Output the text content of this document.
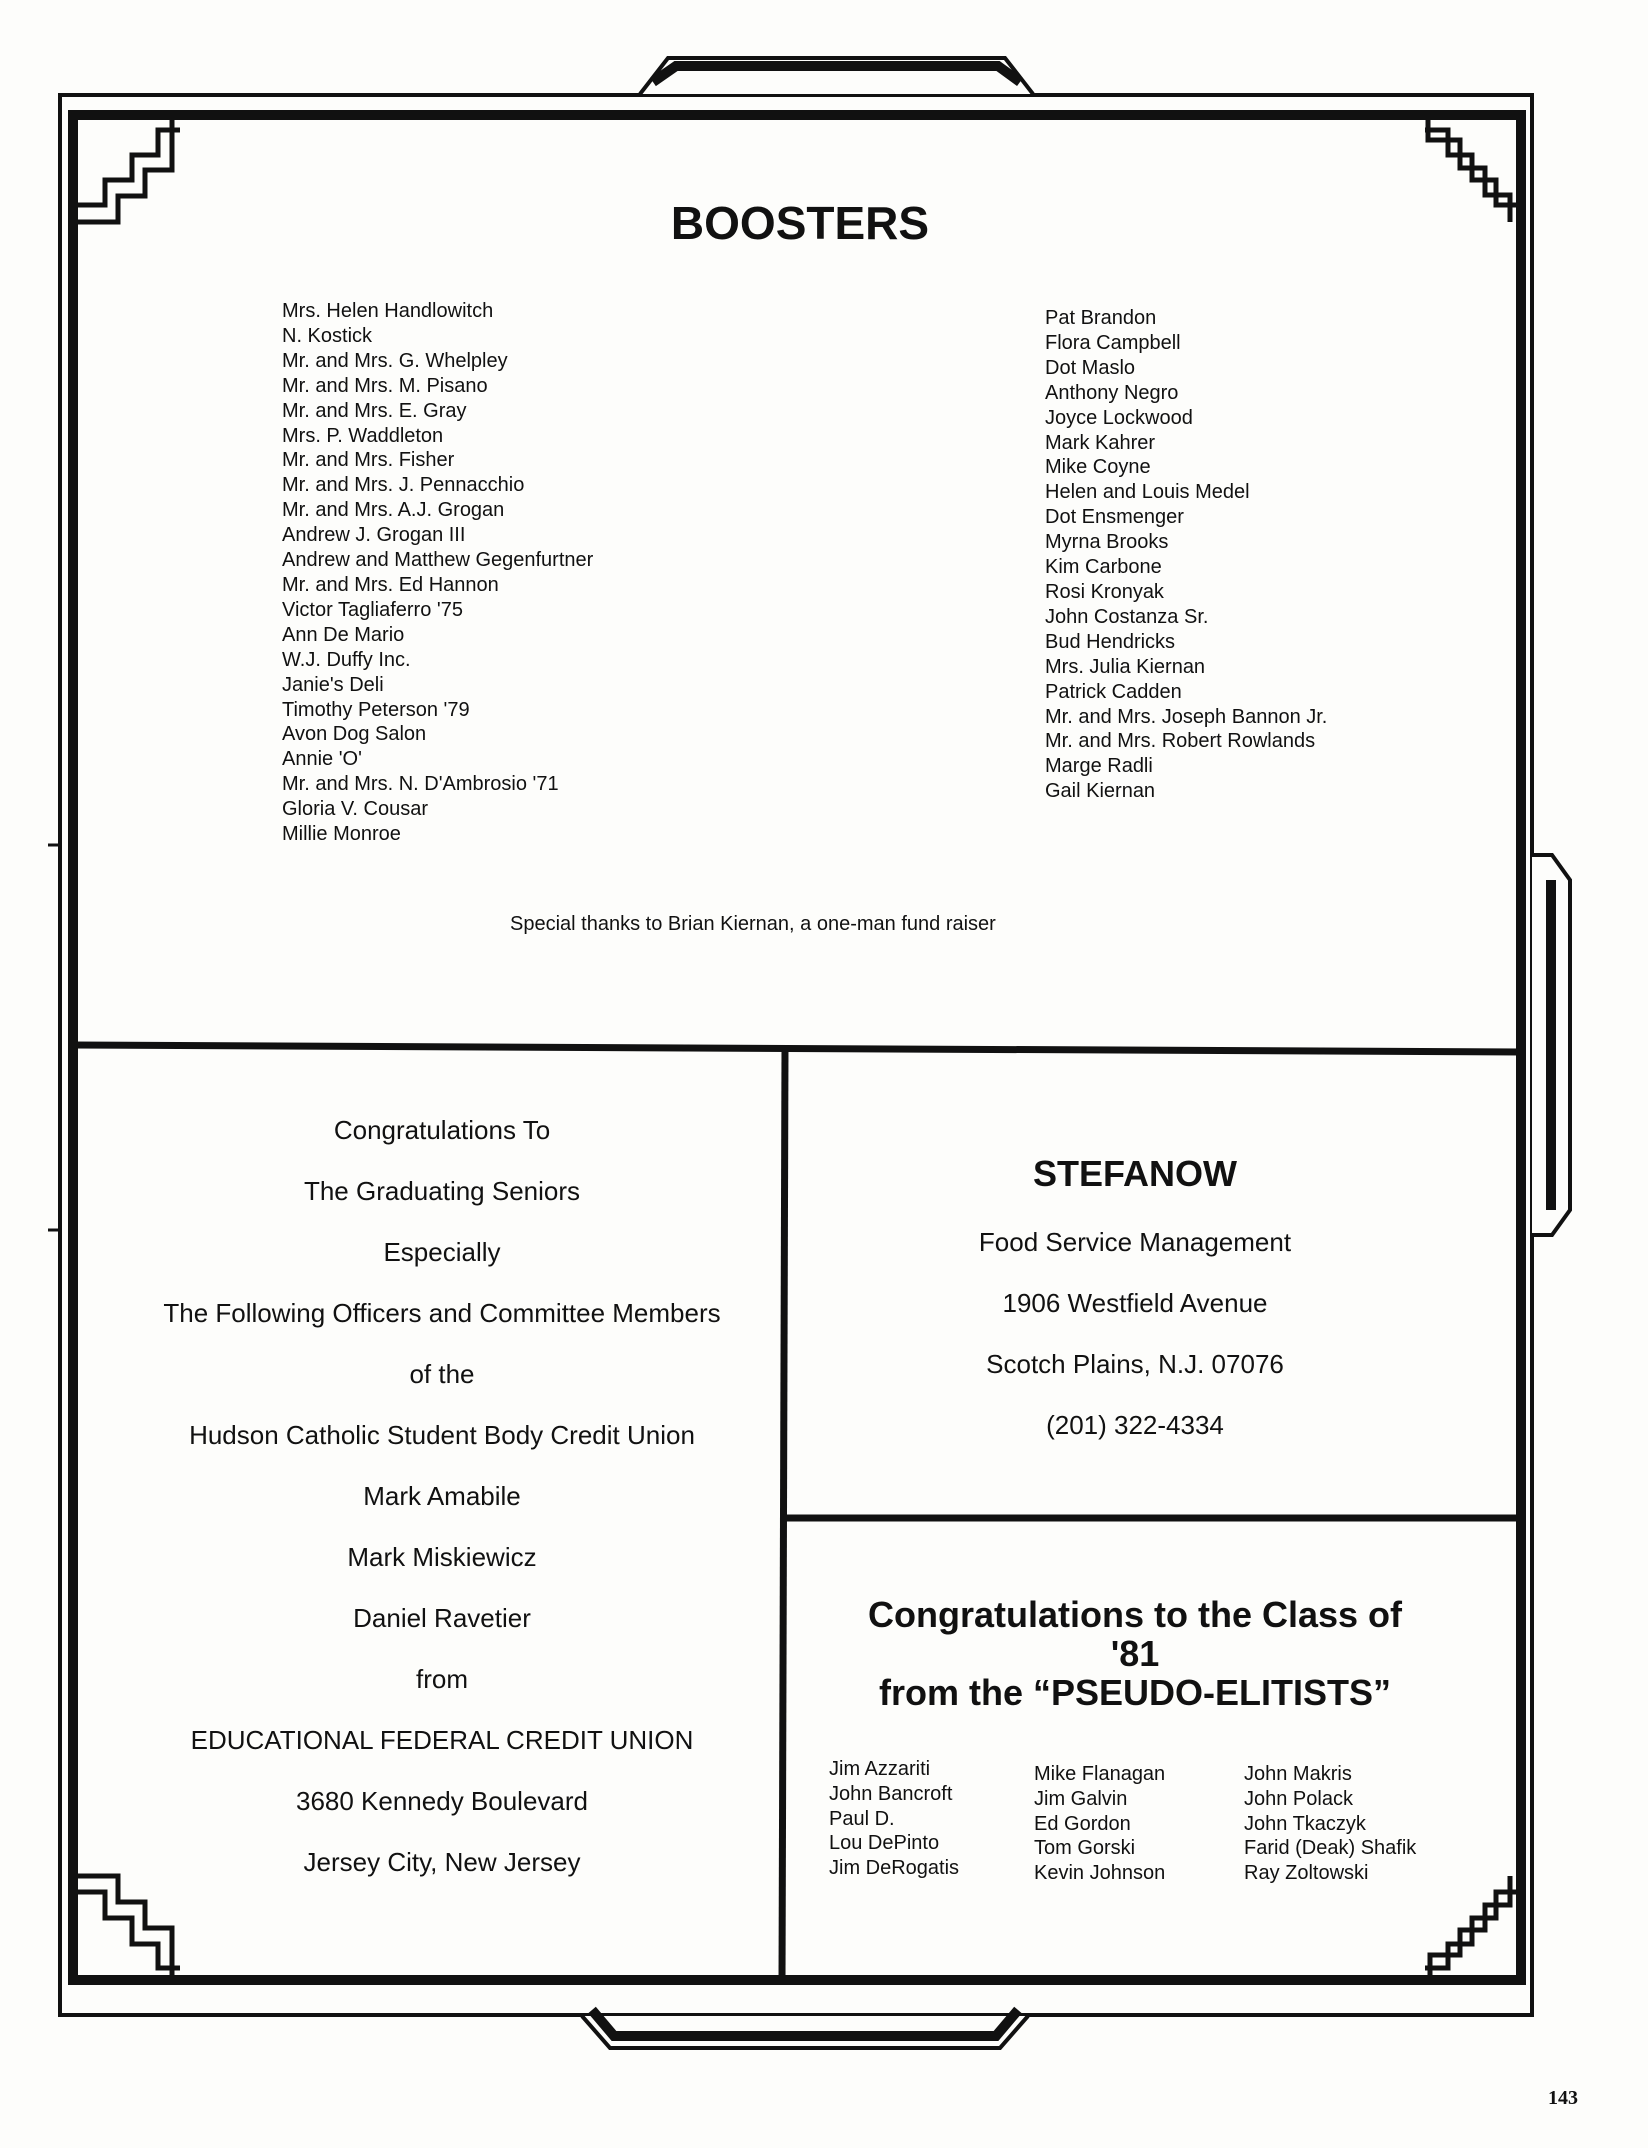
BOOSTERS
Mrs. Helen Handlowitch
N. Kostick
Mr. and Mrs. G. Whelpley
Mr. and Mrs. M. Pisano
Mr. and Mrs. E. Gray
Mrs. P. Waddleton
Mr. and Mrs. Fisher
Mr. and Mrs. J. Pennacchio
Mr. and Mrs. A.J. Grogan
Andrew J. Grogan III
Andrew and Matthew Gegenfurtner
Mr. and Mrs. Ed Hannon
Victor Tagliaferro '75
Ann De Mario
W.J. Duffy Inc.
Janie's Deli
Timothy Peterson '79
Avon Dog Salon
Annie 'O'
Mr. and Mrs. N. D'Ambrosio '71
Gloria V. Cousar
Millie Monroe
Pat Brandon
Flora Campbell
Dot Maslo
Anthony Negro
Joyce Lockwood
Mark Kahrer
Mike Coyne
Helen and Louis Medel
Dot Ensmenger
Myrna Brooks
Kim Carbone
Rosi Kronyak
John Costanza Sr.
Bud Hendricks
Mrs. Julia Kiernan
Patrick Cadden
Mr. and Mrs. Joseph Bannon Jr.
Mr. and Mrs. Robert Rowlands
Marge Radli
Gail Kiernan
Special thanks to Brian Kiernan, a one-man fund raiser
Congratulations To
The Graduating Seniors
Especially
The Following Officers and Committee Members
of the
Hudson Catholic Student Body Credit Union
Mark Amabile
Mark Miskiewicz
Daniel Ravetier
from
EDUCATIONAL FEDERAL CREDIT UNION
3680 Kennedy Boulevard
Jersey City, New Jersey
STEFANOW
Food Service Management
1906 Westfield Avenue
Scotch Plains, N.J. 07076
(201) 322-4334
Congratulations to the Class of
'81
from the “PSEUDO-ELITISTS”
Jim Azzariti
John Bancroft
Paul D.
Lou DePinto
Jim DeRogatis
Mike Flanagan
Jim Galvin
Ed Gordon
Tom Gorski
Kevin Johnson
John Makris
John Polack
John Tkaczyk
Farid (Deak) Shafik
Ray Zoltowski
143
